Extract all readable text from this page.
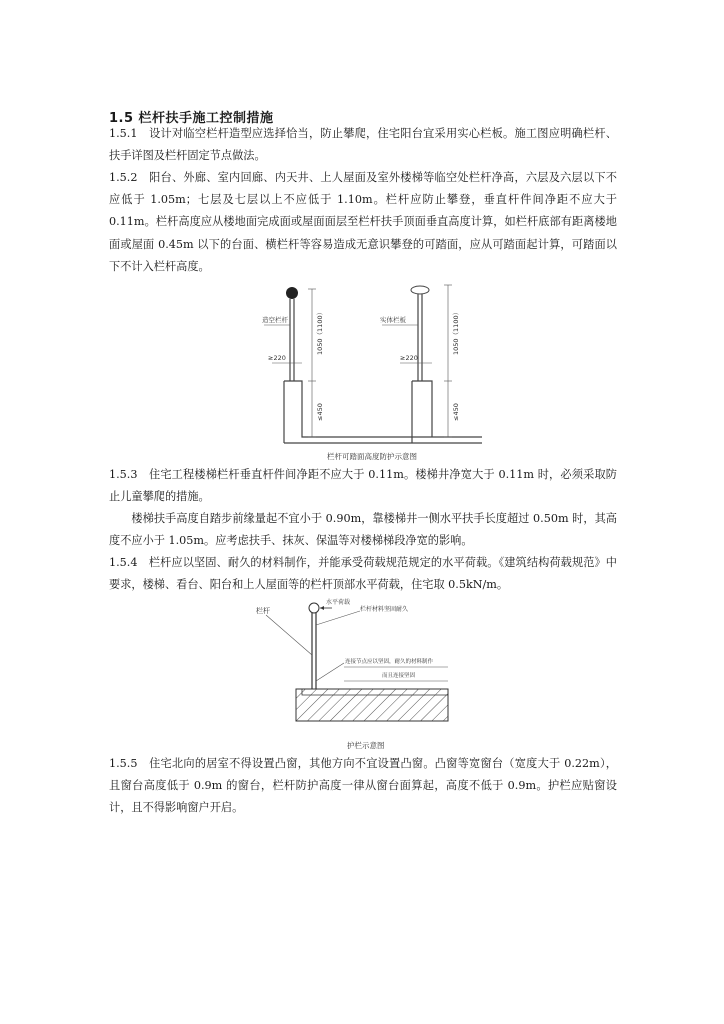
1.5 栏杆扶手施工控制措施

1.5.1　设计对临空栏杆造型应选择恰当，防止攀爬，住宅阳台宜采用实心栏板。施工图应明确栏杆、扶手详图及栏杆固定节点做法。

1.5.2　阳台、外廊、室内回廊、内天井、上人屋面及室外楼梯等临空处栏杆净高，六层及六层以下不应低于 1.05m；七层及七层以上不应低于 1.10m。栏杆应防止攀登，垂直杆件间净距不应大于 0.11m。栏杆高度应从楼地面完成面或屋面面层至栏杆扶手顶面垂直高度计算，如栏杆底部有距离楼地面或屋面 0.45m 以下的台面、横栏杆等容易造成无意识攀登的可踏面，应从可踏面起计算，可踏面以下不计入栏杆高度。

造空栏杆
≥220
1050（1100）
≤450
实体栏板
≥220
1050（1100）
≤450
栏杆可踏面高度防护示意图

1.5.3　住宅工程楼梯栏杆垂直杆件间净距不应大于 0.11m。楼梯井净宽大于 0.11m 时，必须采取防止儿童攀爬的措施。

楼梯扶手高度自踏步前缘量起不宜小于 0.90m，靠楼梯井一侧水平扶手长度超过 0.50m 时，其高度不应小于 1.05m。应考虑扶手、抹灰、保温等对楼梯梯段净宽的影响。

1.5.4　栏杆应以坚固、耐久的材料制作，并能承受荷载规范规定的水平荷载。《建筑结构荷载规范》中要求，楼梯、看台、阳台和上人屋面等的栏杆顶部水平荷载，住宅取 0.5kN/m。

水平荷载
栏杆	栏杆材料坚固耐久
连接节点应以坚固，耐久的材料制作
而且连接坚固
护栏示意图

1.5.5　住宅北向的居室不得设置凸窗，其他方向不宜设置凸窗。凸窗等宽窗台（宽度大于 0.22m），且窗台高度低于 0.9m 的窗台，栏杆防护高度一律从窗台面算起，高度不低于 0.9m。护栏应贴窗设计，且不得影响窗户开启。
